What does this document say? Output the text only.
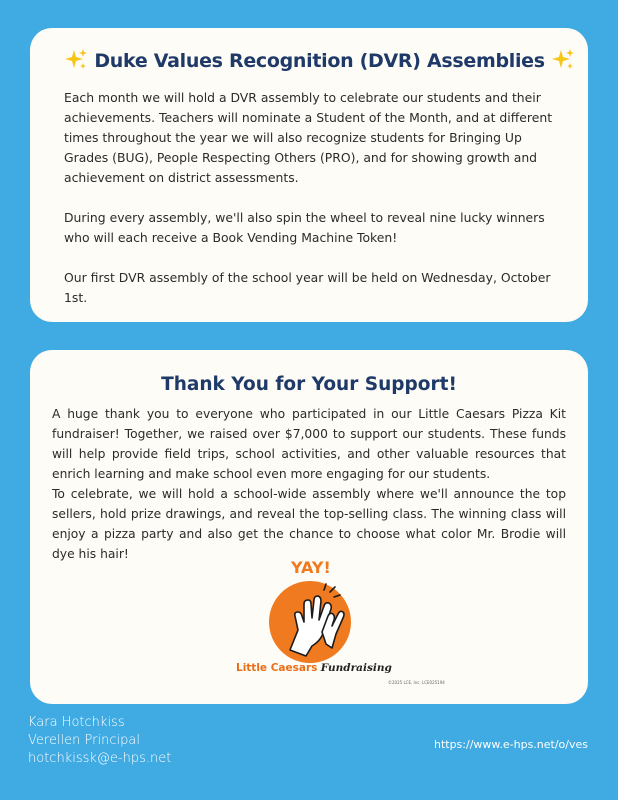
Duke Values Recognition (DVR) Assemblies

Each month we will hold a DVR assembly to celebrate our students and their achievements. Teachers will nominate a Student of the Month, and at different times throughout the year we will also recognize students for Bringing Up Grades (BUG), People Respecting Others (PRO), and for showing growth and achievement on district assessments.

During every assembly, we'll also spin the wheel to reveal nine lucky winners who will each receive a Book Vending Machine Token!

Our first DVR assembly of the school year will be held on Wednesday, October 1st.

Thank You for Your Support!

A huge thank you to everyone who participated in our Little Caesars Pizza Kit fundraiser! Together, we raised over $7,000 to support our students. These funds will help provide field trips, school activities, and other valuable resources that enrich learning and make school even more engaging for our students.

To celebrate, we will hold a school-wide assembly where we'll announce the top sellers, hold prize drawings, and reveal the top-selling class. The winning class will enjoy a pizza party and also get the chance to choose what color Mr. Brodie will dye his hair!

YAY!
Little Caesars Fundraising
©2025 LCE, Inc. LCE025194
Kara Hotchkiss
Verellen Principal
hotchkissk@e-hps.net
https://www.e-hps.net/o/ves
